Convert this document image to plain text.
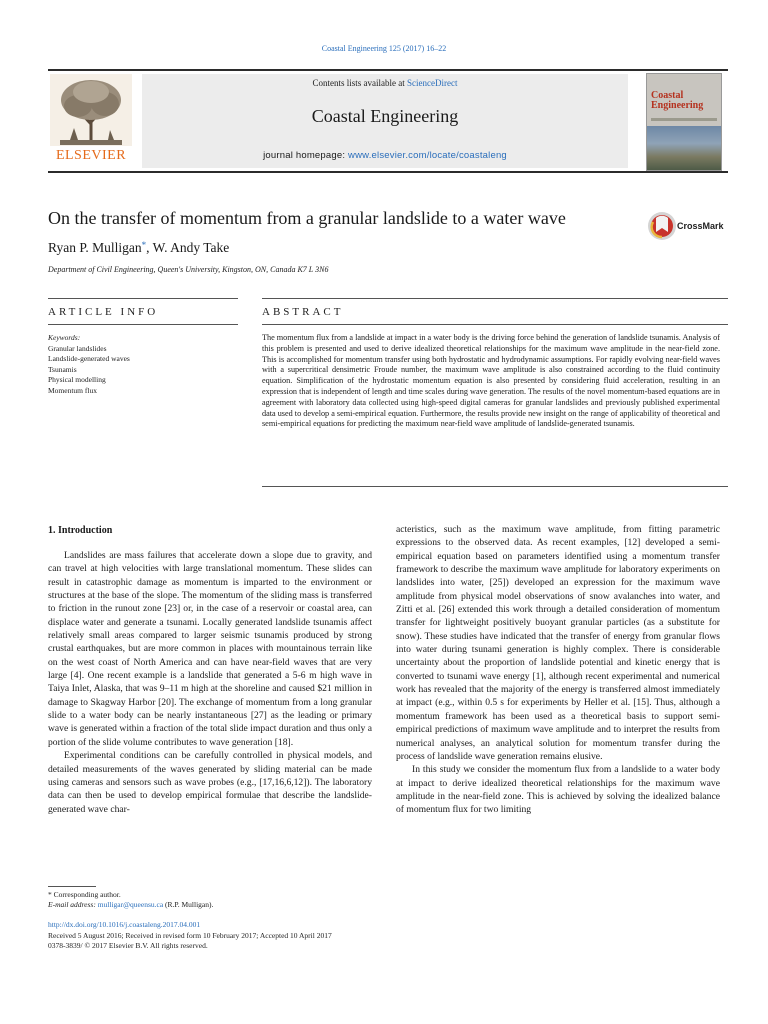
Coastal Engineering 125 (2017) 16–22
ELSEVIER
Contents lists available at ScienceDirect
Coastal Engineering
journal homepage: www.elsevier.com/locate/coastaleng
Coastal
Engineering
On the transfer of momentum from a granular landslide to a water wave	CrossMark
Ryan P. Mulligan*, W. Andy Take
Department of Civil Engineering, Queen's University, Kingston, ON, Canada K7 L 3N6
ARTICLE INFO	ABSTRACT
Keywords:
Granular landslides
Landslide-generated waves
Tsunamis
Physical modelling
Momentum flux
The momentum flux from a landslide at impact in a water body is the driving force behind the generation of landslide tsunamis. Analysis of this problem is presented and used to derive idealized theoretical relationships for the maximum wave amplitude in the near-field zone. This is accomplished for momentum transfer using both hydrostatic and hydrodynamic assumptions. For rapidly evolving near-field waves with a supercritical densimetric Froude number, the maximum wave amplitude is also constrained according to the fluid continuity equation. Simplification of the hydrostatic momentum equation is also presented by considering fluid acceleration, resulting in an expression that is independent of length and time scales during wave generation. The results of the novel momentum-based equations are in agreement with laboratory data collected using high-speed digital cameras for granular landslides and previously published experimental data used to develop a semi-empirical equation. Furthermore, the results provide new insight on the range of applicability of theoretical and semi-empirical equations for predicting the maximum near-field wave amplitude of landslide-generated tsunamis.
1. Introduction

Landslides are mass failures that accelerate down a slope due to gravity, and can travel at high velocities with large translational momentum. These slides can result in catastrophic damage as momentum is imparted to the environment or structures at the base of the slope. The momentum of the sliding mass is transferred to friction in the runout zone [23] or, in the case of a reservoir or coastal area, can displace water and generate a tsunami. Locally generated landslide tsunamis affect relatively small areas compared to larger seismic tsunamis produced by strong crustal earthquakes, but are more common in places with mountainous terrain like on the west coast of North America and can have near-field waves that are very large [4]. One recent example is a landslide that generated a 5-6 m high wave in Taiya Inlet, Alaska, that was 9–11 m high at the shoreline and caused $21 million in damage to Skagway Harbor [20]. The exchange of momentum from a long granular slide to a water body can be nearly instantaneous [27] as the leading or primary wave is generated within a fraction of the total slide impact duration and thus only a portion of the slide volume contributes to wave generation [18].

Experimental conditions can be carefully controlled in physical models, and detailed measurements of the waves generated by sliding material can be made using cameras and sensors such as wave probes (e.g., [17,16,6,12]). The laboratory data can then be used to develop empirical formulae that describe the landslide-generated wave char-

acteristics, such as the maximum wave amplitude, from fitting parametric expressions to the observed data. As recent examples, [12] developed a semi-empirical equation based on parameters identified using a momentum transfer framework to describe the maximum wave amplitude for laboratory experiments on landslides into water, [25]) developed an expression for the maximum wave amplitude from physical model observations of snow avalanches into water, and Zitti et al. [26] extended this work through a detailed consideration of momentum transfer for lightweight positively buoyant granular particles (as a substitute for snow). These studies have indicated that the transfer of energy from granular flows into water during tsunami generation is highly complex. There is considerable uncertainty about the proportion of landslide potential and kinetic energy that is converted to tsunami wave energy [1], although recent experimental and numerical work has revealed that the majority of the energy is transferred almost immediately at impact (e.g., within 0.5 s for experiments by Heller et al. [15]. Thus, although a momentum framework has been used as a theoretical basis to support semi-empirical predictions of maximum wave amplitude and to interpret the results from numerical analyses, an analytical solution for momentum transfer during the process of landslide wave generation remains elusive.

In this study we consider the momentum flux from a landslide to a water body at impact to derive idealized theoretical relationships for the maximum wave amplitude in the near-field zone. This is achieved by solving the idealized balance of momentum flux for two limiting

* Corresponding author.
E-mail address: mulligar@queensu.ca (R.P. Mulligan).
http://dx.doi.org/10.1016/j.coastaleng.2017.04.001
Received 5 August 2016; Received in revised form 10 February 2017; Accepted 10 April 2017
0378-3839/ © 2017 Elsevier B.V. All rights reserved.
